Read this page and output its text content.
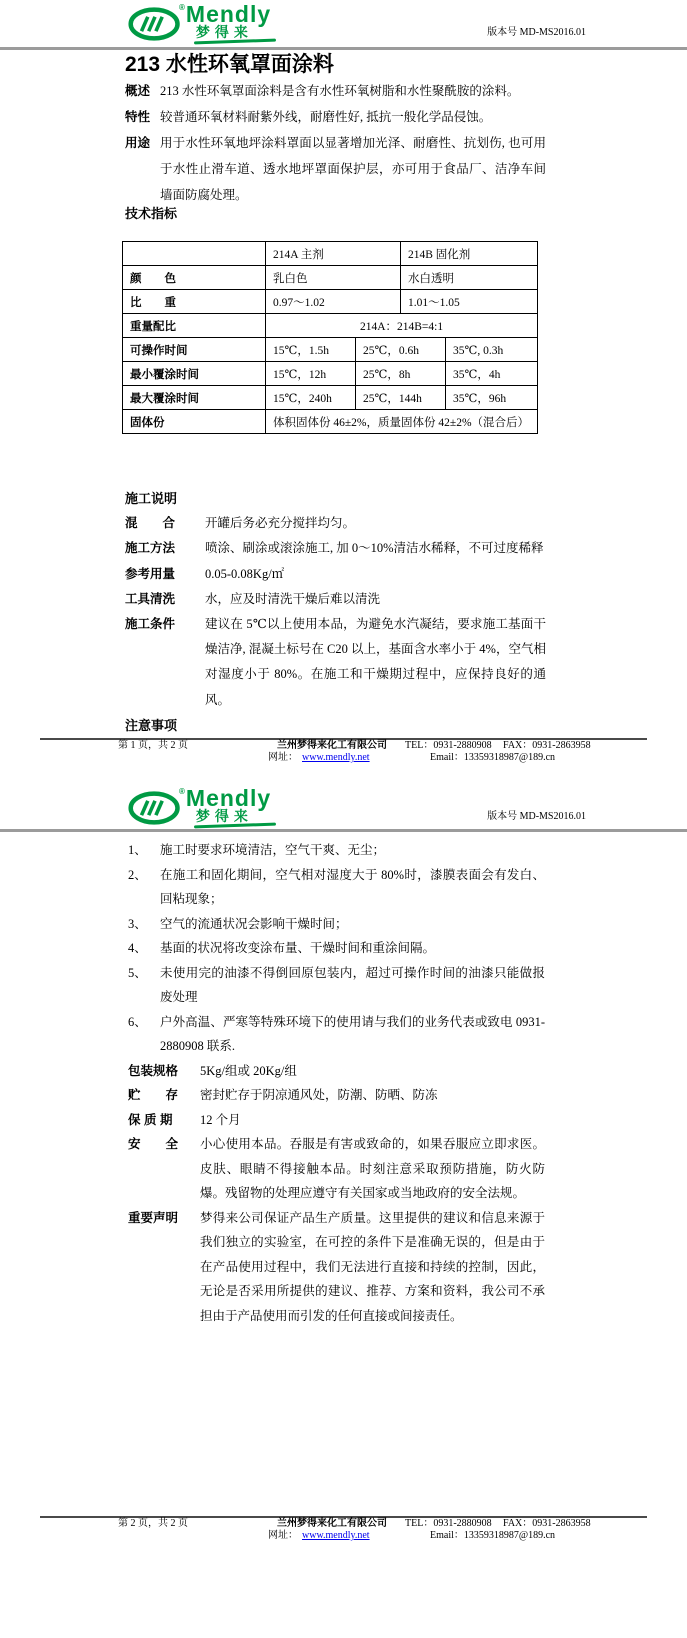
® Mendly
梦得来	版本号 MD-MS2016.01
213 水性环氧罩面涂料
概述 213 水性环氧罩面涂料是含有水性环氧树脂和水性聚酰胺的涂料。
特性 较普通环氧材料耐紫外线，耐磨性好, 抵抗一般化学品侵蚀。
用途 用于水性环氧地坪涂料罩面以显著增加光泽、耐磨性、抗划伤, 也可用于水性止滑车道、透水地坪罩面保护层，亦可用于食品厂、洁净车间墙面防腐处理。
技术指标
	214A 主剂		214B 固化剂	
颜　　色	乳白色		水白透明	
比　　重	0.97～1.02		1.01～1.05	
重量配比	214A：214B=4:1			
可操作时间	15℃，1.5h	25℃，0.6h		35℃, 0.3h
最小覆涂时间	15℃，12h	25℃，8h		35℃，4h
最大覆涂时间	15℃，240h	25℃，144h		35℃，96h
固体份	体积固体份 46±2%，质量固体份 42±2%（混合后）			
施工说明
混　　合	开罐后务必充分搅拌均匀。
施工方法	喷涂、刷涂或滚涂施工, 加 0～10%清洁水稀释，不可过度稀释
参考用量	0.05-0.08Kg/㎡
工具清洗	水，应及时清洗干燥后难以清洗
施工条件	建议在 5℃以上使用本品，为避免水汽凝结，要求施工基面干燥洁净, 混凝土标号在 C20 以上，基面含水率小于 4%，空气相对湿度小于 80%。在施工和干燥期过程中，应保持良好的通风。
注意事项
第 1 页，共 2 页	兰州梦得来化工有限公司 TEL：0931-2880908 FAX：0931-2863958
网址： www.mendly.net	Email：13359318987@189.cn
® Mendly
梦得来	版本号 MD-MS2016.01
1、	施工时要求环境清洁，空气干爽、无尘；
2、	在施工和固化期间，空气相对湿度大于 80%时，漆膜表面会有发白、回粘现象；
3、	空气的流通状况会影响干燥时间；
4、	基面的状况将改变涂布量、干燥时间和重涂间隔。
5、	未使用完的油漆不得倒回原包装内，超过可操作时间的油漆只能做报废处理
6、	户外高温、严寒等特殊环境下的使用请与我们的业务代表或致电 0931-2880908 联系.
包装规格	5Kg/组或 20Kg/组
贮　　存	密封贮存于阴凉通风处，防潮、防晒、防冻
保 质 期	12 个月
安　　全	小心使用本品。吞服是有害或致命的，如果吞服应立即求医。皮肤、眼睛不得接触本品。时刻注意采取预防措施，防火防爆。残留物的处理应遵守有关国家或当地政府的安全法规。
重要声明	梦得来公司保证产品生产质量。这里提供的建议和信息来源于我们独立的实验室，在可控的条件下是准确无误的，但是由于在产品使用过程中，我们无法进行直接和持续的控制，因此，无论是否采用所提供的建议、推荐、方案和资料，我公司不承担由于产品使用而引发的任何直接或间接责任。
第 2 页，共 2 页	兰州梦得来化工有限公司 TEL：0931-2880908 FAX：0931-2863958
网址： www.mendly.net	Email：13359318987@189.cn
